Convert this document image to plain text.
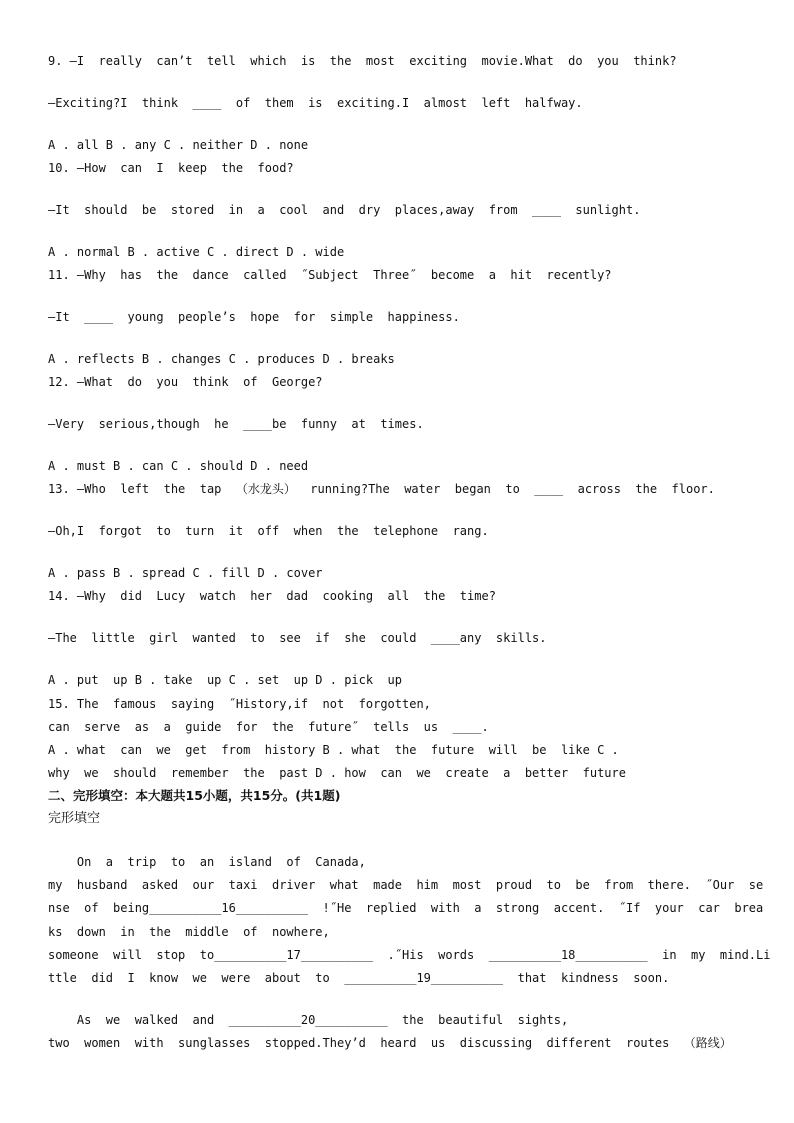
9. —I  really  can’t  tell  which  is  the  most  exciting  movie.What  do  you  think?
—Exciting?I  think  ____  of  them  is  exciting.I  almost  left  halfway.
A . all B . any C . neither D . none
10. —How  can  I  keep  the  food?
—It  should  be  stored  in  a  cool  and  dry  places,away  from  ____  sunlight.
A . normal B . active C . direct D . wide
11. —Why  has  the  dance  called  ˝Subject  Three˝  become  a  hit  recently?
—It  ____  young  people’s  hope  for  simple  happiness.
A . reflects B . changes C . produces D . breaks
12. —What  do  you  think  of  George?
—Very  serious,though  he  ____be  funny  at  times.
A . must B . can C . should D . need
13. —Who  left  the  tap  （水龙头）  running?The  water  began  to  ____  across  the  floor.
—Oh,I  forgot  to  turn  it  off  when  the  telephone  rang.
A . pass B . spread C . fill D . cover
14. —Why  did  Lucy  watch  her  dad  cooking  all  the  time?
—The  little  girl  wanted  to  see  if  she  could  ____any  skills.
A . put  up B . take  up C . set  up D . pick  up
15. The  famous  saying  ˝History,if  not  forgotten,
can  serve  as  a  guide  for  the  future˝  tells  us  ____.
A . what  can  we  get  from  history B . what  the  future  will  be  like C .
why  we  should  remember  the  past D . how  can  we  create  a  better  future
二、完形填空：本大题共15小题，共15分。(共1题)
完形填空
On  a  trip  to  an  island  of  Canada,
my  husband  asked  our  taxi  driver  what  made  him  most  proud  to  be  from  there.  ˝Our  se
nse  of  being__________16__________  !˝He  replied  with  a  strong  accent.  ˝If  your  car  brea
ks  down  in  the  middle  of  nowhere,
someone  will  stop  to__________17__________  .˝His  words  __________18__________  in  my  mind.Li
ttle  did  I  know  we  were  about  to  __________19__________  that  kindness  soon.
As  we  walked  and  __________20__________  the  beautiful  sights,
two  women  with  sunglasses  stopped.They’d  heard  us  discussing  different  routes  （路线）
